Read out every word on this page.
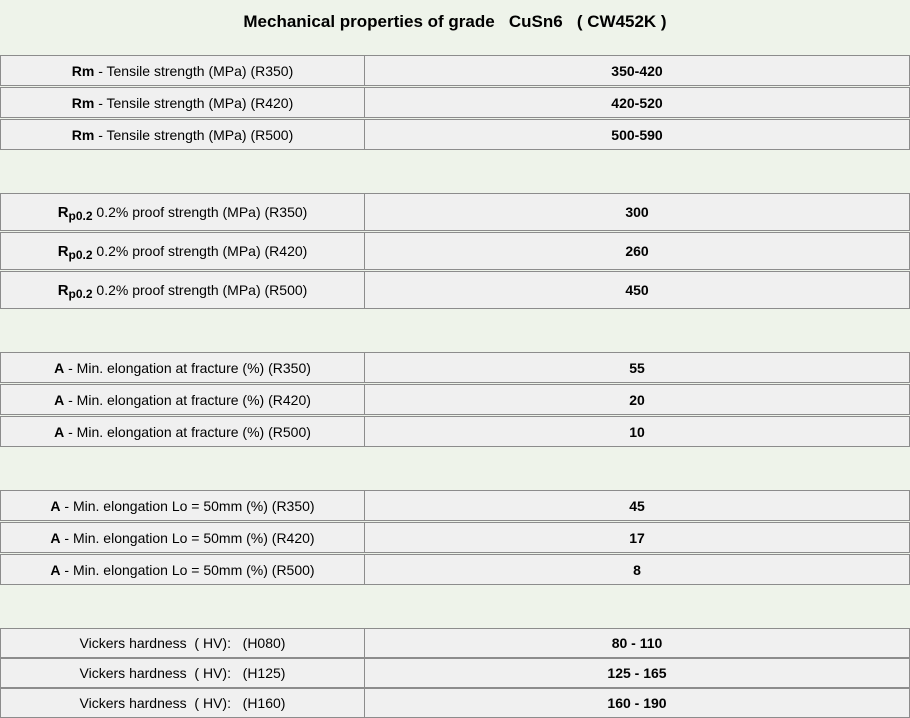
Mechanical properties of grade   CuSn6   ( CW452K )
Rm - Tensile strength (MPa) (R350)	350-420
Rm - Tensile strength (MPa) (R420)	420-520
Rm - Tensile strength (MPa) (R500)	500-590
R p0.2 0.2% proof strength (MPa) (R350)	300
R p0.2 0.2% proof strength (MPa) (R420)	260
R p0.2 0.2% proof strength (MPa) (R500)	450
A - Min. elongation at fracture (%) (R350)	55
A - Min. elongation at fracture (%) (R420)	20
A - Min. elongation at fracture (%) (R500)	10
A - Min. elongation Lo = 50mm (%) (R350)	45
A - Min. elongation Lo = 50mm (%) (R420)	17
A - Min. elongation Lo = 50mm (%) (R500)	8
Vickers hardness  ( HV):   (H080)	80 - 110
Vickers hardness  ( HV):   (H125)	125 - 165
Vickers hardness  ( HV):   (H160)	160 - 190
